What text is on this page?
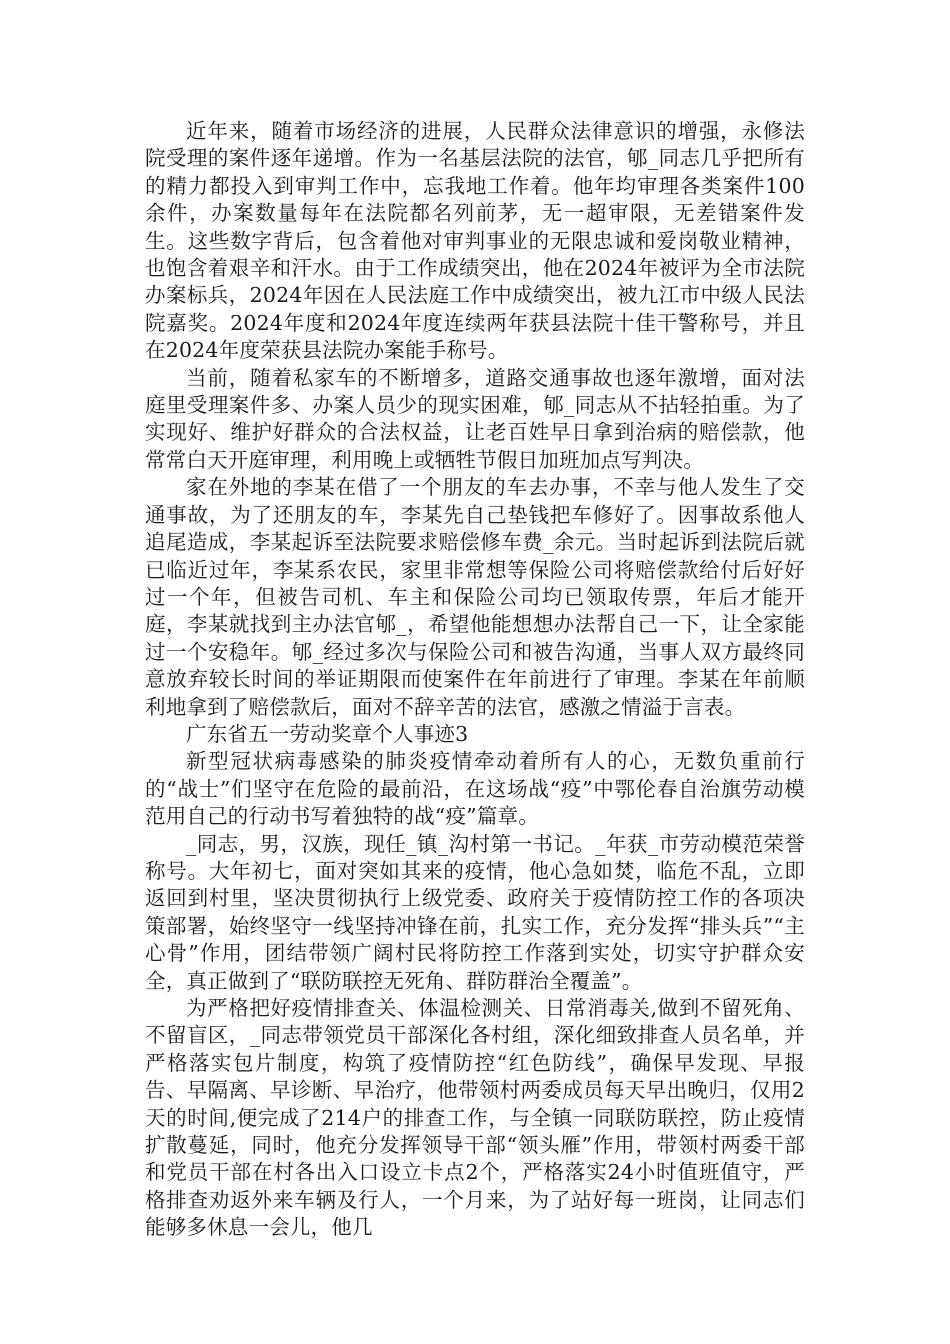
近年来，随着市场经济的进展，人民群众法律意识的增强，永修法院受理的案件逐年递增。作为一名基层法院的法官，郇_同志几乎把所有的精力都投入到审判工作中，忘我地工作着。他年均审理各类案件100余件，办案数量每年在法院都名列前茅，无一超审限，无差错案件发生。这些数字背后，包含着他对审判事业的无限忠诚和爱岗敬业精神，也饱含着艰辛和汗水。由于工作成绩突出，他在2024年被评为全市法院办案标兵，2024年因在人民法庭工作中成绩突出，被九江市中级人民法院嘉奖。2024年度和2024年度连续两年获县法院十佳干警称号，并且在2024年度荣获县法院办案能手称号。

当前，随着私家车的不断增多，道路交通事故也逐年激增，面对法庭里受理案件多、办案人员少的现实困难，郇_同志从不拈轻拍重。为了实现好、维护好群众的合法权益，让老百姓早日拿到治病的赔偿款，他常常白天开庭审理，利用晚上或牺牲节假日加班加点写判决。

家在外地的李某在借了一个朋友的车去办事，不幸与他人发生了交通事故，为了还朋友的车，李某先自己垫钱把车修好了。因事故系他人追尾造成，李某起诉至法院要求赔偿修车费_余元。当时起诉到法院后就已临近过年，李某系农民，家里非常想等保险公司将赔偿款给付后好好过一个年，但被告司机、车主和保险公司均已领取传票，年后才能开庭，李某就找到主办法官郇_，希望他能想想办法帮自己一下，让全家能过一个安稳年。郇_经过多次与保险公司和被告沟通，当事人双方最终同意放弃较长时间的举证期限而使案件在年前进行了审理。李某在年前顺利地拿到了赔偿款后，面对不辞辛苦的法官，感激之情溢于言表。

广东省五一劳动奖章个人事迹3

新型冠状病毒感染的肺炎疫情牵动着所有人的心，无数负重前行的“战士”们坚守在危险的最前沿，在这场战“疫”中鄂伦春自治旗劳动模范用自己的行动书写着独特的战“疫”篇章。

_同志，男，汉族，现任_镇_沟村第一书记。_年获_市劳动模范荣誉称号。大年初七，面对突如其来的疫情，他心急如焚，临危不乱，立即返回到村里，坚决贯彻执行上级党委、政府关于疫情防控工作的各项决策部署，始终坚守一线坚持冲锋在前，扎实工作，充分发挥“排头兵”“主心骨”作用，团结带领广阔村民将防控工作落到实处，切实守护群众安全，真正做到了“联防联控无死角、群防群治全覆盖”。

为严格把好疫情排查关、体温检测关、日常消毒关,做到不留死角、不留盲区，_同志带领党员干部深化各村组，深化细致排查人员名单，并严格落实包片制度，构筑了疫情防控“红色防线”，确保早发现、早报告、早隔离、早诊断、早治疗，他带领村两委成员每天早出晚归，仅用2天的时间,便完成了214户的排查工作，与全镇一同联防联控，防止疫情扩散蔓延，同时，他充分发挥领导干部“领头雁”作用，带领村两委干部和党员干部在村各出入口设立卡点2个，严格落实24小时值班值守，严格排查劝返外来车辆及行人，一个月来，为了站好每一班岗，让同志们能够多休息一会儿，他几
